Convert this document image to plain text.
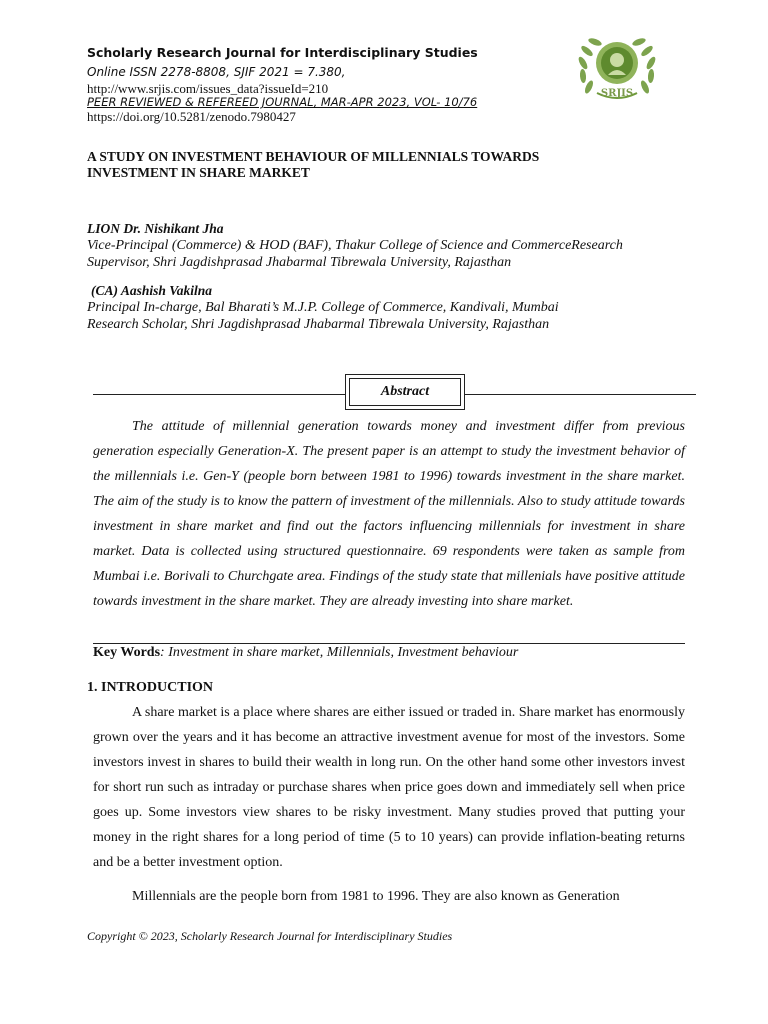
Scholarly Research Journal for Interdisciplinary Studies
Online ISSN 2278-8808, SJIF 2021 = 7.380,
http://www.srjis.com/issues_data?issueId=210
PEER REVIEWED & REFEREED JOURNAL, MAR-APR 2023, VOL- 10/76
https://doi.org/10.5281/zenodo.7980427
SRJIS
A STUDY ON INVESTMENT BEHAVIOUR OF MILLENNIALS TOWARDS
INVESTMENT IN SHARE MARKET
LION Dr. Nishikant Jha
Vice-Principal (Commerce) & HOD (BAF), Thakur College of Science and CommerceResearch
Supervisor, Shri Jagdishprasad Jhabarmal Tibrewala University, Rajasthan
(CA) Aashish Vakilna
Principal In-charge, Bal Bharati’s M.J.P. College of Commerce, Kandivali, Mumbai
Research Scholar, Shri Jagdishprasad Jhabarmal Tibrewala University, Rajasthan
Abstract
The attitude of millennial generation towards money and investment differ from previous generation especially Generation-X. The present paper is an attempt to study the investment behavior of the millennials i.e. Gen-Y (people born between 1981 to 1996) towards investment in the share market. The aim of the study is to know the pattern of investment of the millennials. Also to study attitude towards investment in share market and find out the factors influencing millennials for investment in share market. Data is collected using structured questionnaire. 69 respondents were taken as sample from Mumbai i.e. Borivali to Churchgate area. Findings of the study state that millenials have positive attitude towards investment in the share market. They are already investing into share market.
Key Words: Investment in share market, Millennials, Investment behaviour
1. INTRODUCTION
A share market is a place where shares are either issued or traded in. Share market has enormously grown over the years and it has become an attractive investment avenue for most of the investors. Some investors invest in shares to build their wealth in long run. On the other hand some other investors invest for short run such as intraday or purchase shares when price goes down and immediately sell when price goes up. Some investors view shares to be risky investment. Many studies proved that putting your money in the right shares for a long period of time (5 to 10 years) can provide inflation-beating returns and be a better investment option.
Millennials are the people born from 1981 to 1996. They are also known as Generation
Copyright © 2023, Scholarly Research Journal for Interdisciplinary Studies
